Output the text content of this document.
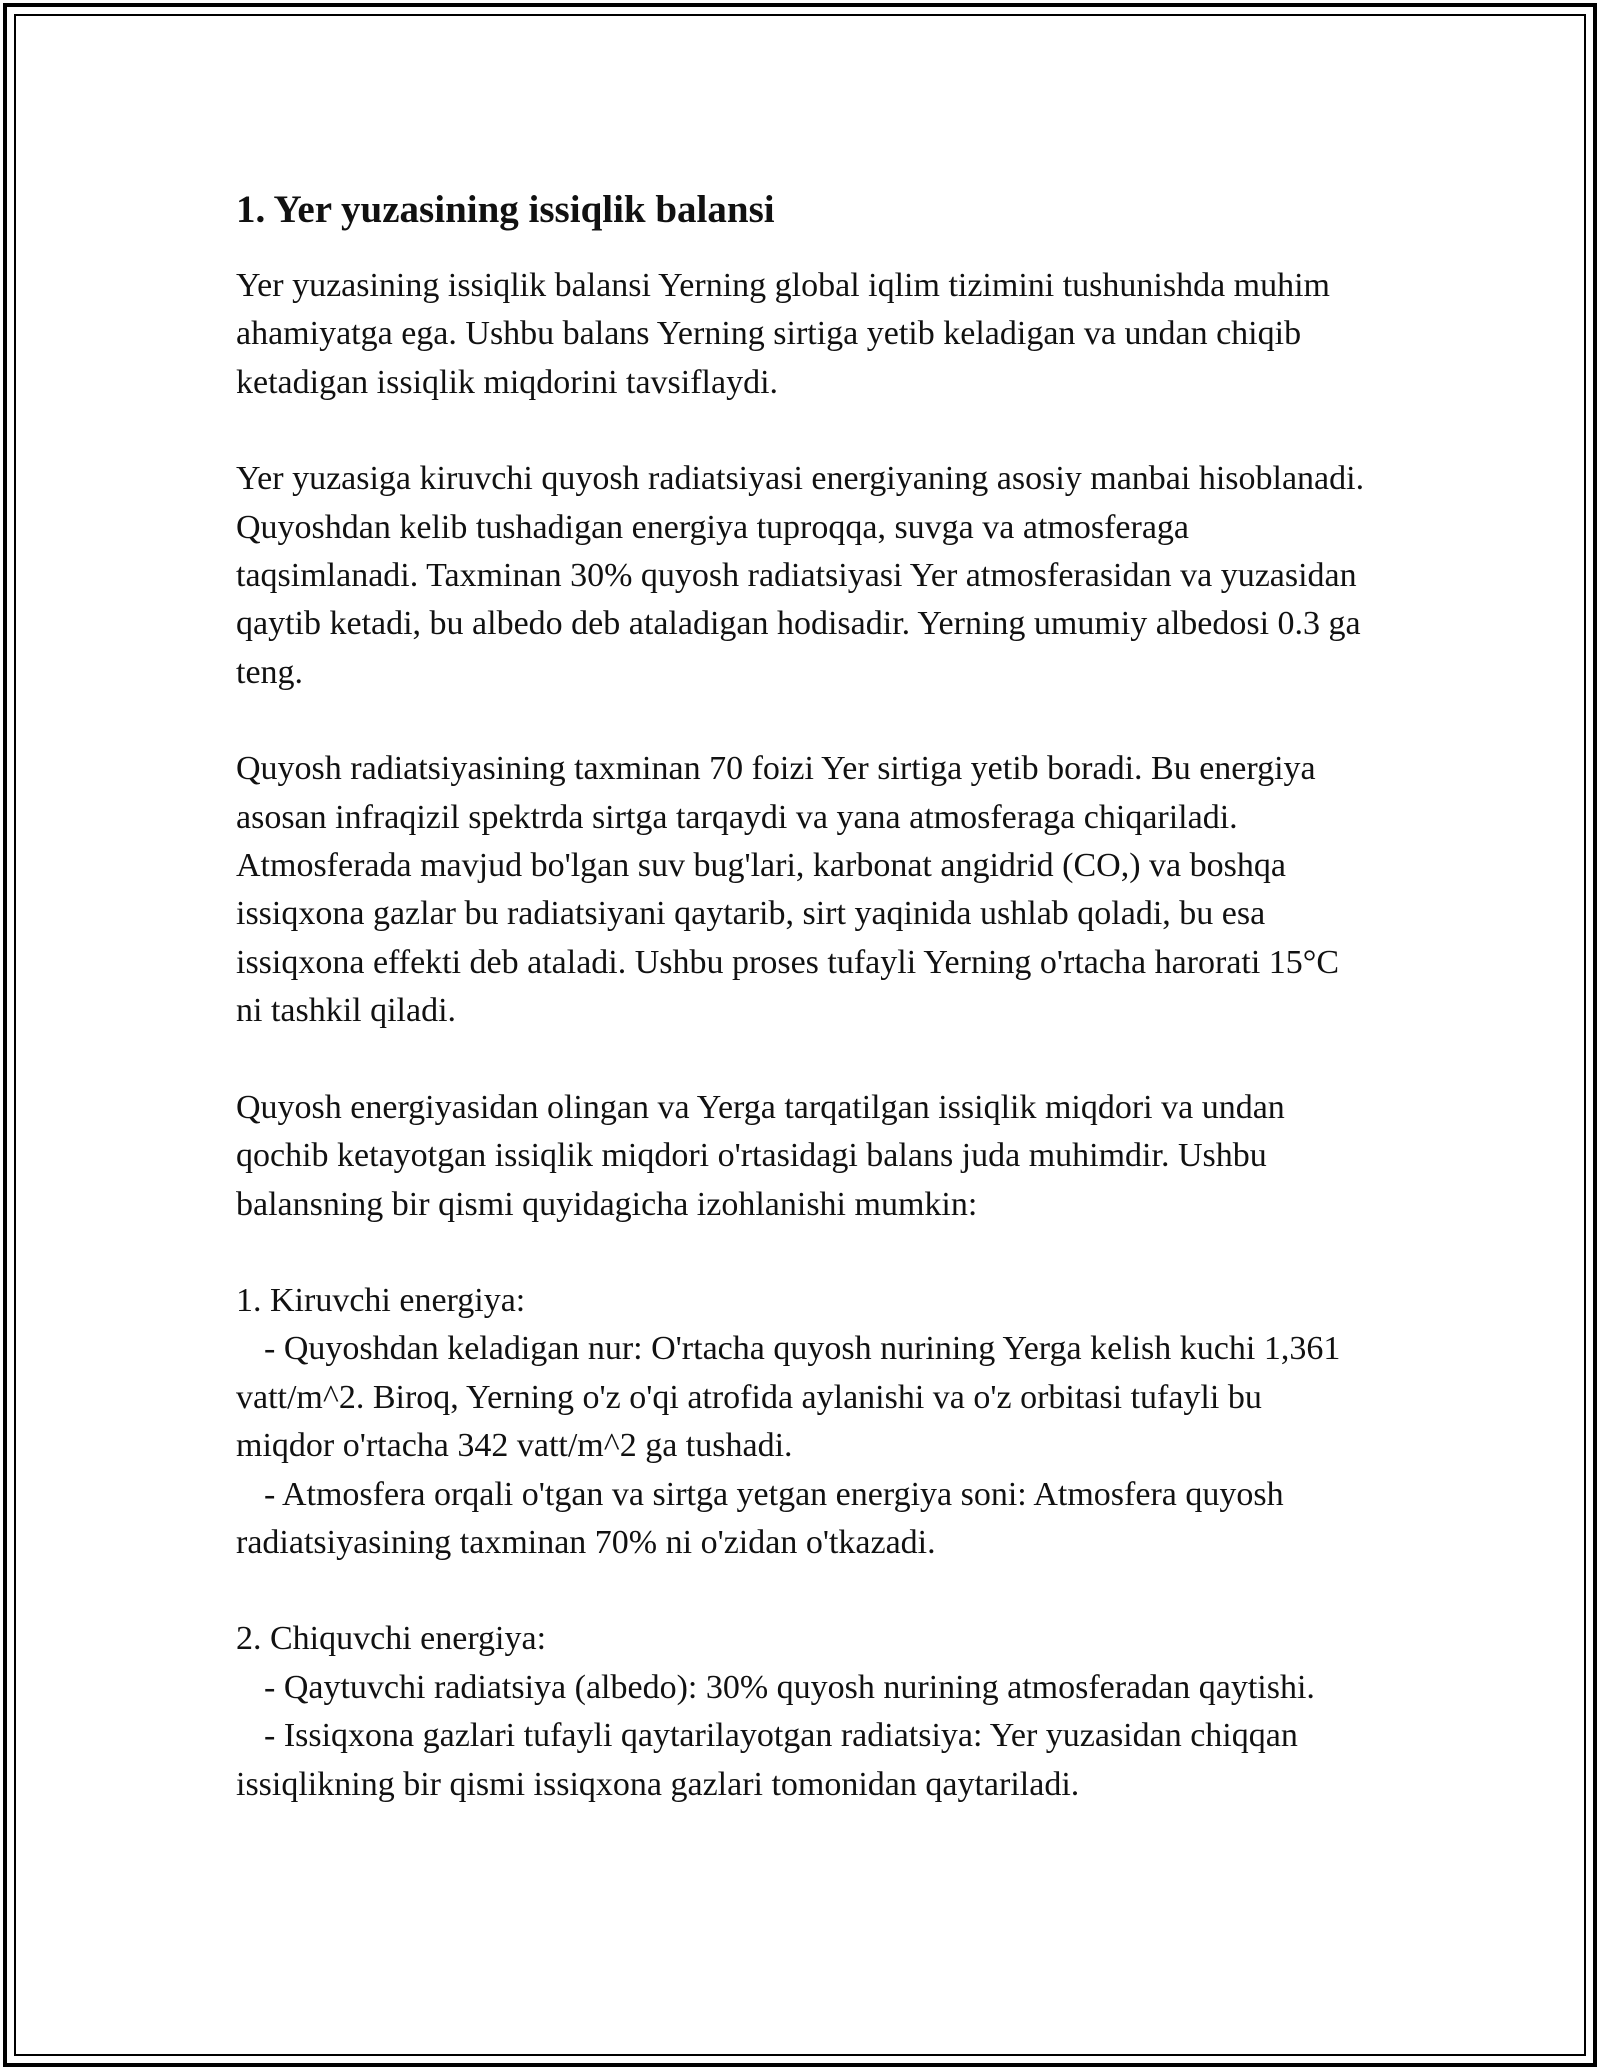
1. Yer yuzasining issiqlik balansi

Yer yuzasining issiqlik balansi Yerning global iqlim tizimini tushunishda muhim ahamiyatga ega. Ushbu balans Yerning sirtiga yetib keladigan va undan chiqib ketadigan issiqlik miqdorini tavsiflaydi.

Yer yuzasiga kiruvchi quyosh radiatsiyasi energiyaning asosiy manbai hisoblanadi. Quyoshdan kelib tushadigan energiya tuproqqa, suvga va atmosferaga taqsimlanadi. Taxminan 30% quyosh radiatsiyasi Yer atmosferasidan va yuzasidan qaytib ketadi, bu albedo deb ataladigan hodisadir. Yerning umumiy albedosi 0.3 ga teng.

Quyosh radiatsiyasining taxminan 70 foizi Yer sirtiga yetib boradi. Bu energiya asosan infraqizil spektrda sirtga tarqaydi va yana atmosferaga chiqariladi. Atmosferada mavjud bo'lgan suv bug'lari, karbonat angidrid (CO,) va boshqa issiqxona gazlar bu radiatsiyani qaytarib, sirt yaqinida ushlab qoladi, bu esa issiqxona effekti deb ataladi. Ushbu proses tufayli Yerning o'rtacha harorati 15°C ni tashkil qiladi.

Quyosh energiyasidan olingan va Yerga tarqatilgan issiqlik miqdori va undan qochib ketayotgan issiqlik miqdori o'rtasidagi balans juda muhimdir. Ushbu balansning bir qismi quyidagicha izohlanishi mumkin:

1. Kiruvchi energiya:
- Quyoshdan keladigan nur: O'rtacha quyosh nurining Yerga kelish kuchi 1,361 vatt/m^2. Biroq, Yerning o'z o'qi atrofida aylanishi va o'z orbitasi tufayli bu miqdor o'rtacha 342 vatt/m^2 ga tushadi.
- Atmosfera orqali o'tgan va sirtga yetgan energiya soni: Atmosfera quyosh radiatsiyasining taxminan 70% ni o'zidan o'tkazadi.
2. Chiquvchi energiya:
- Qaytuvchi radiatsiya (albedo): 30% quyosh nurining atmosferadan qaytishi.
- Issiqxona gazlari tufayli qaytarilayotgan radiatsiya: Yer yuzasidan chiqqan issiqlikning bir qismi issiqxona gazlari tomonidan qaytariladi.
